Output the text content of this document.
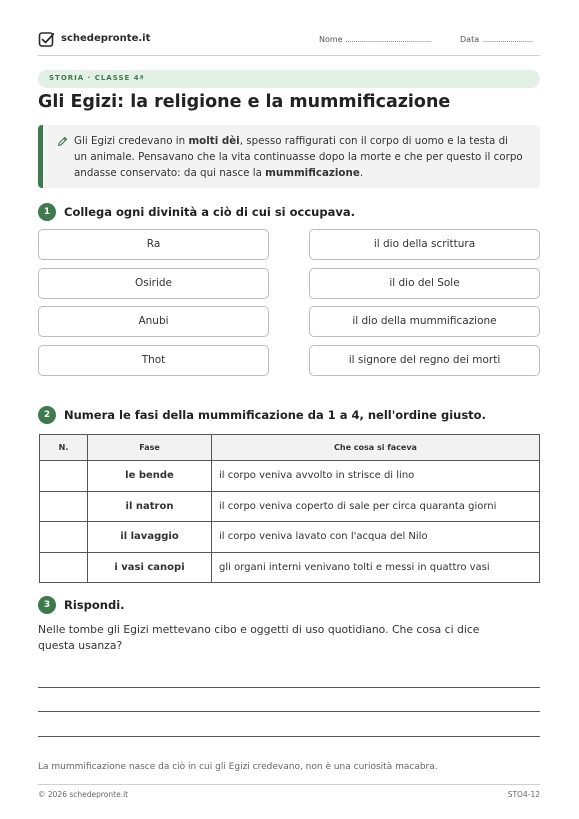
schedepronte.it	Nome ..........................................	Data .........................
STORIA · CLASSE 4ª
Gli Egizi: la religione e la mummificazione
Gli Egizi credevano in molti dèi, spesso raffigurati con il corpo di uomo e la testa di un animale. Pensavano che la vita continuasse dopo la morte e che per questo il corpo andasse conservato: da qui nasce la mummificazione.
1	Collega ogni divinità a ciò di cui si occupava.
Ra
Osiride
Anubi
Thot
il dio della scrittura
il dio del Sole
il dio della mummificazione
il signore del regno dei morti
2	Numera le fasi della mummificazione da 1 a 4, nell'ordine giusto.
N.	Fase	Che cosa si faceva
	le bende	il corpo veniva avvolto in strisce di lino
	il natron	il corpo veniva coperto di sale per circa quaranta giorni
	il lavaggio	il corpo veniva lavato con l'acqua del Nilo
	i vasi canopi	gli organi interni venivano tolti e messi in quattro vasi
3	Rispondi.
Nelle tombe gli Egizi mettevano cibo e oggetti di uso quotidiano. Che cosa ci dice questa usanza?
La mummificazione nasce da ciò in cui gli Egizi credevano, non è una curiosità macabra.
© 2026 schedepronte.it	STO4-12
